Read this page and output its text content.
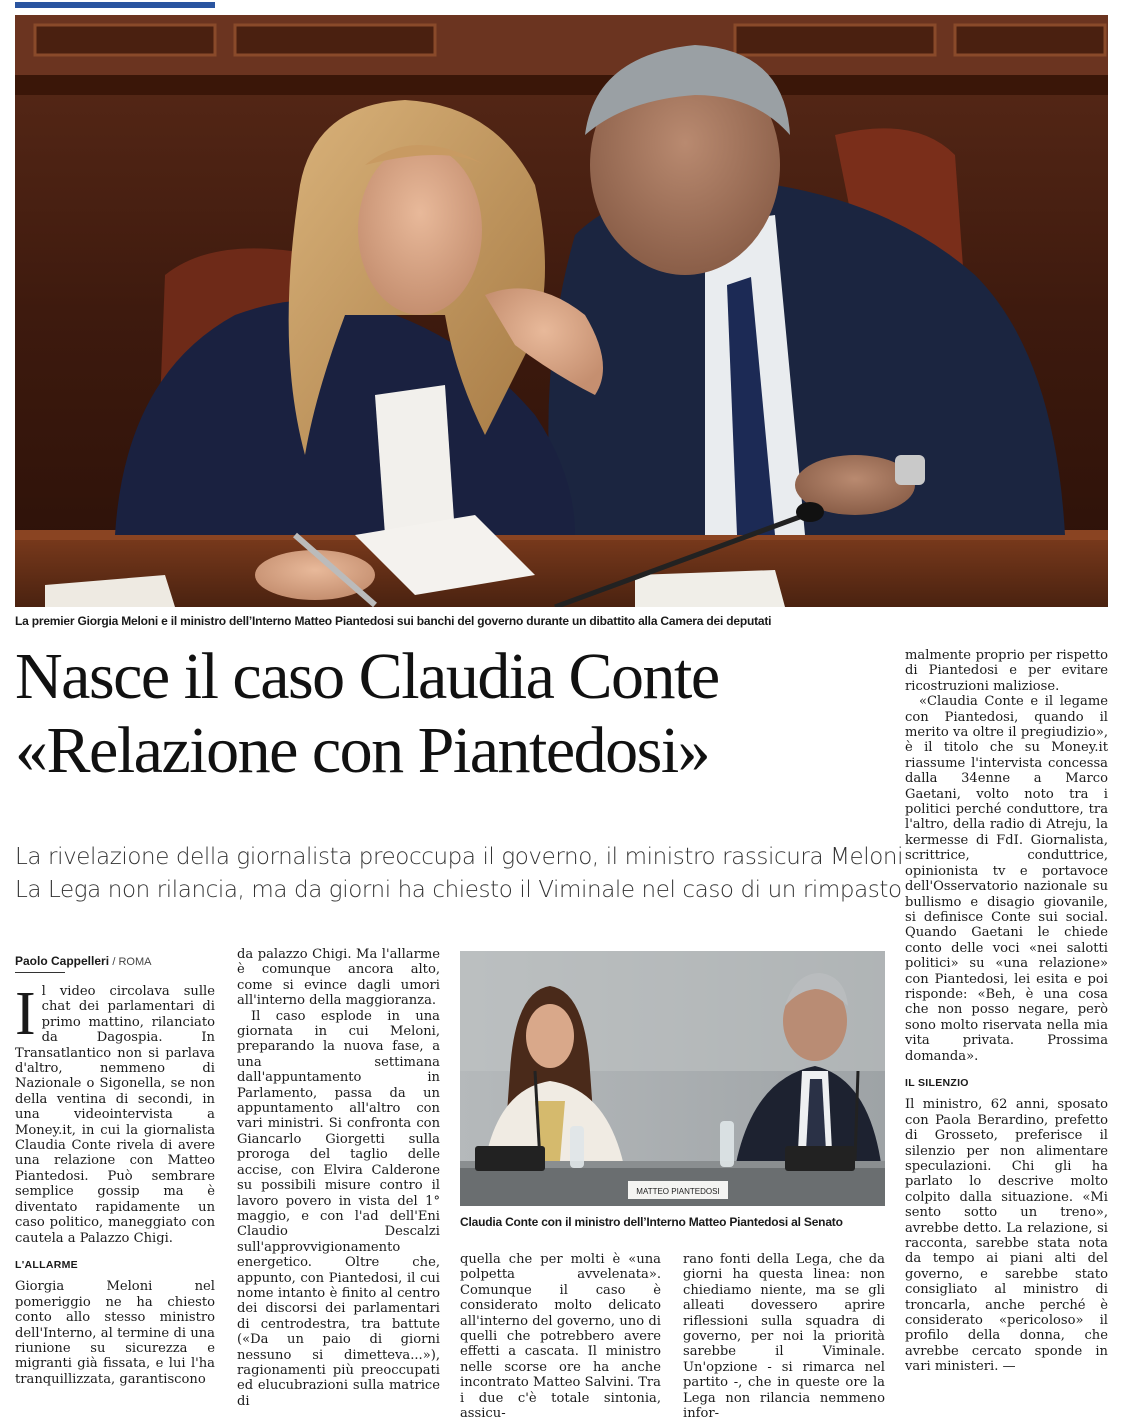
La premier Giorgia Meloni e il ministro dell’Interno Matteo Piantedosi sui banchi del governo durante un dibattito alla Camera dei deputati
Nasce il caso Claudia Conte
«Relazione con Piantedosi»
La rivelazione della giornalista preoccupa il governo, il ministro rassicura Meloni
La Lega non rilancia, ma da giorni ha chiesto il Viminale nel caso di un rimpasto
Paolo Cappelleri / ROMA

Il video circolava sulle chat dei parlamentari di primo mattino, rilanciato da Dagospia. In Transatlantico non si parlava d'altro, nemmeno di Nazionale o Sigonella, se non della ventina di secondi, in una videointervista a Money.it, in cui la giornalista Claudia Conte rivela di avere una relazione con Matteo Piantedosi. Può sembrare semplice gossip ma è diventato rapidamente un caso politico, maneggiato con cautela a Palazzo Chigi.

L'ALLARME

Giorgia Meloni nel pomeriggio ne ha chiesto conto allo stesso ministro dell'Interno, al termine di una riunione su sicurezza e migranti già fissata, e lui l'ha tranquillizzata, garantiscono

da palazzo Chigi. Ma l'allarme è comunque ancora alto, come si evince dagli umori all'interno della maggioranza.

Il caso esplode in una giornata in cui Meloni, preparando la nuova fase, a una settimana dall'appuntamento in Parlamento, passa da un appuntamento all'altro con vari ministri. Si confronta con Giancarlo Giorgetti sulla proroga del taglio delle accise, con Elvira Calderone su possibili misure contro il lavoro povero in vista del 1° maggio, e con l'ad dell'Eni Claudio Descalzi sull'approvvigionamento energetico. Oltre che, appunto, con Piantedosi, il cui nome intanto è finito al centro dei discorsi dei parlamentari di centrodestra, tra battute («Da un paio di giorni nessuno si dimetteva...»), ragionamenti più preoccupati ed elucubrazioni sulla matrice di

MATTEO PIANTEDOSI
Claudia Conte con il ministro dell’Interno Matteo Piantedosi al Senato

quella che per molti è «una polpetta avvelenata». Comunque il caso è considerato molto delicato all'interno del governo, uno di quelli che potrebbero avere effetti a cascata. Il ministro nelle scorse ore ha anche incontrato Matteo Salvini. Tra i due c'è totale sintonia, assicu-

rano fonti della Lega, che da giorni ha questa linea: non chiediamo niente, ma se gli alleati dovessero aprire riflessioni sulla squadra di governo, per noi la priorità sarebbe il Viminale. Un'opzione - si rimarca nel partito -, che in queste ore la Lega non rilancia nemmeno infor-

malmente proprio per rispetto di Piantedosi e per evitare ricostruzioni maliziose.

«Claudia Conte e il legame con Piantedosi, quando il merito va oltre il pregiudizio», è il titolo che su Money.it riassume l'intervista concessa dalla 34enne a Marco Gaetani, volto noto tra i politici perché conduttore, tra l'altro, della radio di Atreju, la kermesse di FdI. Giornalista, scrittrice, conduttrice, opinionista tv e portavoce dell'Osservatorio nazionale su bullismo e disagio giovanile, si definisce Conte sui social. Quando Gaetani le chiede conto delle voci «nei salotti politici» su «una relazione» con Piantedosi, lei esita e poi risponde: «Beh, è una cosa che non posso negare, però sono molto riservata nella mia vita privata. Prossima domanda».

IL SILENZIO

Il ministro, 62 anni, sposato con Paola Berardino, prefetto di Grosseto, preferisce il silenzio per non alimentare speculazioni. Chi gli ha parlato lo descrive molto colpito dalla situazione. «Mi sento sotto un treno», avrebbe detto. La relazione, si racconta, sarebbe stata nota da tempo ai piani alti del governo, e sarebbe stato consigliato al ministro di troncarla, anche perché è considerato «pericoloso» il profilo della donna, che avrebbe cercato sponde in vari ministeri. —
